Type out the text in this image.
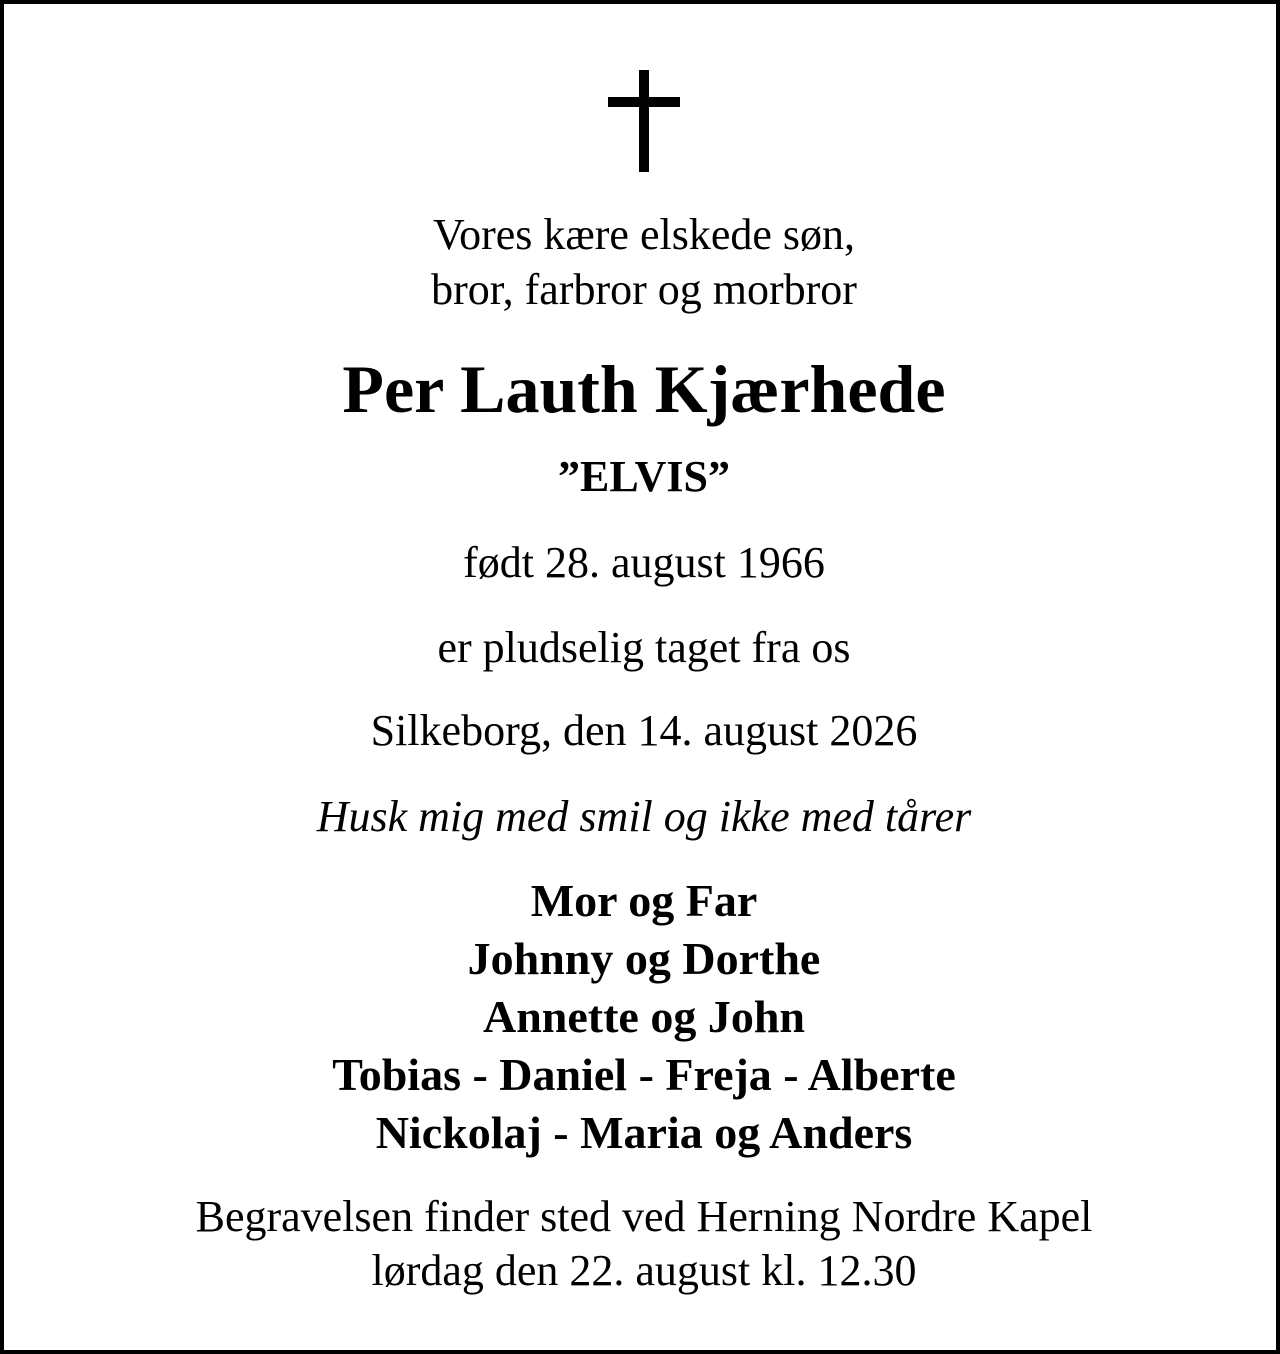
Vores kære elskede søn,
bror, farbror og morbror
Per Lauth Kjærhede
”ELVIS”
født 28. august 1966
er pludselig taget fra os
Silkeborg, den 14. august 2026
Husk mig med smil og ikke med tårer
Mor og Far
Johnny og Dorthe
Annette og John
Tobias - Daniel - Freja - Alberte
Nickolaj - Maria og Anders
Begravelsen finder sted ved Herning Nordre Kapel
lørdag den 22. august kl. 12.30
